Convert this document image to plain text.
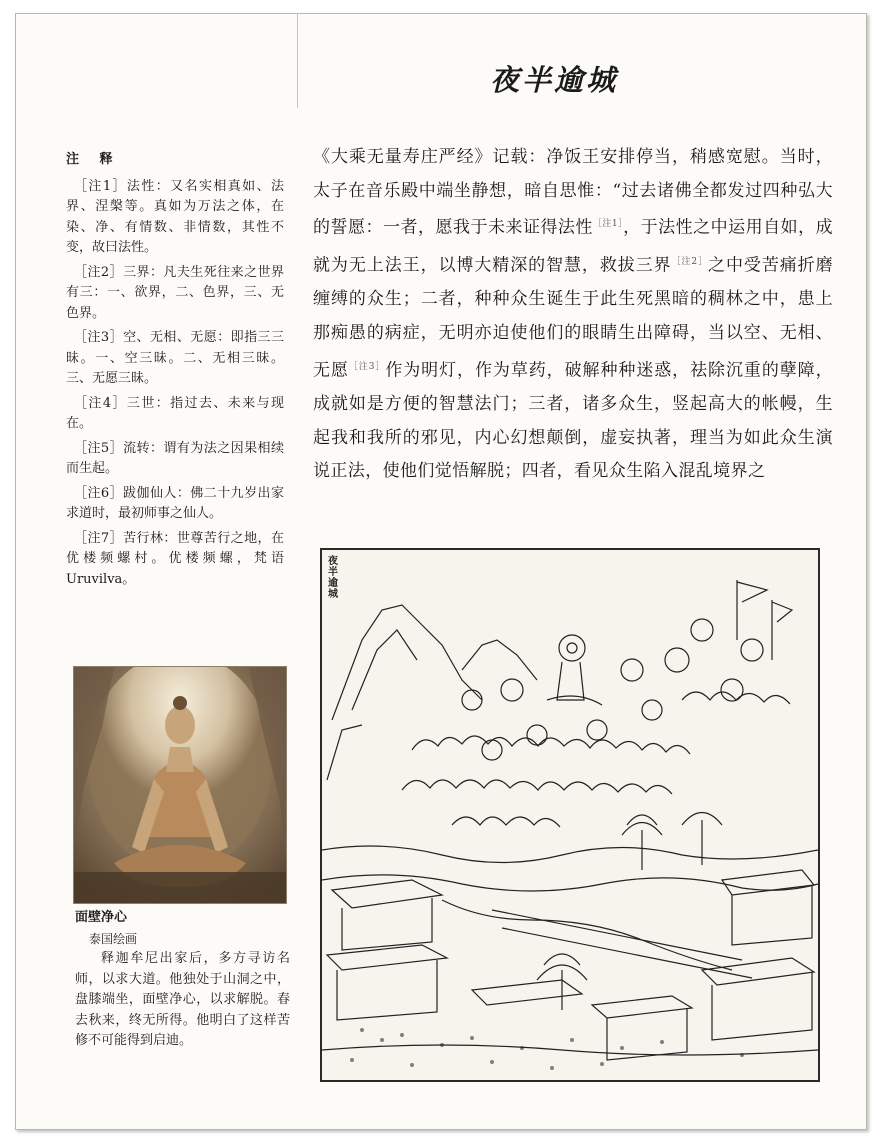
夜半逾城
注 释
［注1］法性：又名实相真如、法界、涅槃等。真如为万法之体，在染、净、有情数、非情数，其性不变，故曰法性。
［注2］三界：凡夫生死往来之世界有三：一、欲界，二、色界，三、无色界。
［注3］空、无相、无愿：即指三三昧。一、空三昧。二、无相三昧。三、无愿三昧。
［注4］三世：指过去、未来与现在。
［注5］流转：谓有为法之因果相续而生起。
［注6］跋伽仙人：佛二十九岁出家求道时，最初师事之仙人。
［注7］苦行林：世尊苦行之地，在优楼频螺村。优楼频螺，梵语 Uruvilva。
《大乘无量寿庄严经》记载：净饭王安排停当，稍感宽慰。当时，太子在音乐殿中端坐静想，暗自思惟：“过去诸佛全都发过四种弘大的誓愿：一者，愿我于未来证得法性$^{[注1]}$，于法性之中运用自如，成就为无上法王，以博大精深的智慧，救拔三界$^{[注2]}$之中受苦痛折磨缠缚的众生；二者，种种众生诞生于此生死黑暗的稠林之中，患上那痴愚的病症，无明亦迫使他们的眼睛生出障碍，当以空、无相、无愿$^{[注3]}$作为明灯，作为草药，破解种种迷惑，祛除沉重的孽障，成就如是方便的智慧法门；三者，诸多众生，竖起高大的帐幔，生起我和我所的邪见，内心幻想颠倒，虚妄执著，理当为如此众生演说正法，使他们觉悟解脱；四者，看见众生陷入混乱境界之
面壁净心
泰国绘画
释迦牟尼出家后，多方寻访名师，以求大道。他独处于山洞之中，盘膝端坐，面壁净心，以求解脱。春去秋来，终无所得。他明白了这样苦修不可能得到启迪。
夜半逾城
